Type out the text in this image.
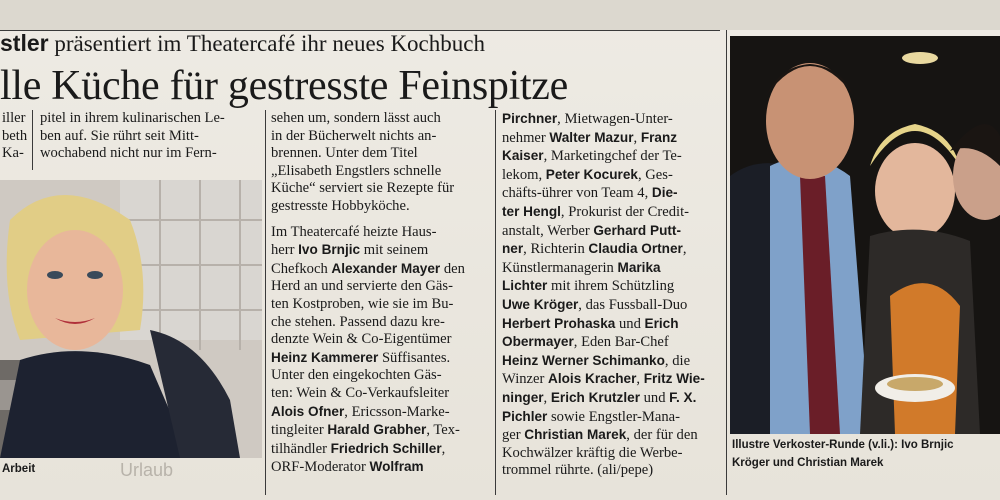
stler präsentiert im Theatercafé ihr neues Kochbuch
lle Küche für gestresste Feinspitze
iller
beth
Ka-
pitel in ihrem kulinarischen Le-
ben auf. Sie rührt seit Mitt-
wochabend nicht nur im Fern-
sehen um, sondern lässt auch
in der Bücherwelt nichts an-
brennen. Unter dem Titel
„Elisabeth Engstlers schnelle
Küche“ serviert sie Rezepte für
gestresste Hobbyköche.

Im Theatercafé heizte Haus-
herr Ivo Brnjic mit seinem
Chefkoch Alexander Mayer den
Herd an und servierte den Gäs-
ten Kostproben, wie sie im Bu-
che stehen. Passend dazu kre-
denzte Wein & Co-Eigentümer
Heinz Kammerer Süffisantes.
Unter den eingekochten Gäs-
ten: Wein & Co-Verkaufsleiter
Alois Ofner, Ericsson-Marke-
tingleiter Harald Grabher, Tex-
tilhändler Friedrich Schiller,
ORF-Moderator Wolfram
Pirchner, Mietwagen-Unter-
nehmer Walter Mazur, Franz
Kaiser, Marketingchef der Te-
lekom, Peter Kocurek, Ges-
chäfts-ührer von Team 4, Die-
ter Hengl, Prokurist der Credit-
anstalt, Werber Gerhard Putt-
ner, Richterin Claudia Ortner,
Künstlermanagerin Marika
Lichter mit ihrem Schützling
Uwe Kröger, das Fussball-Duo
Herbert Prohaska und Erich
Obermayer, Eden Bar-Chef
Heinz Werner Schimanko, die
Winzer Alois Kracher, Fritz Wie-
ninger, Erich Krutzler und F. X.
Pichler sowie Engstler-Mana-
ger Christian Marek, der für den
Kochwälzer kräftig die Werbe-
trommel rührte. (ali/pepe)
Arbeit	Urlaub
Illustre Verkoster-Runde (v.li.): Ivo Brnjic
Kröger und Christian Marek
